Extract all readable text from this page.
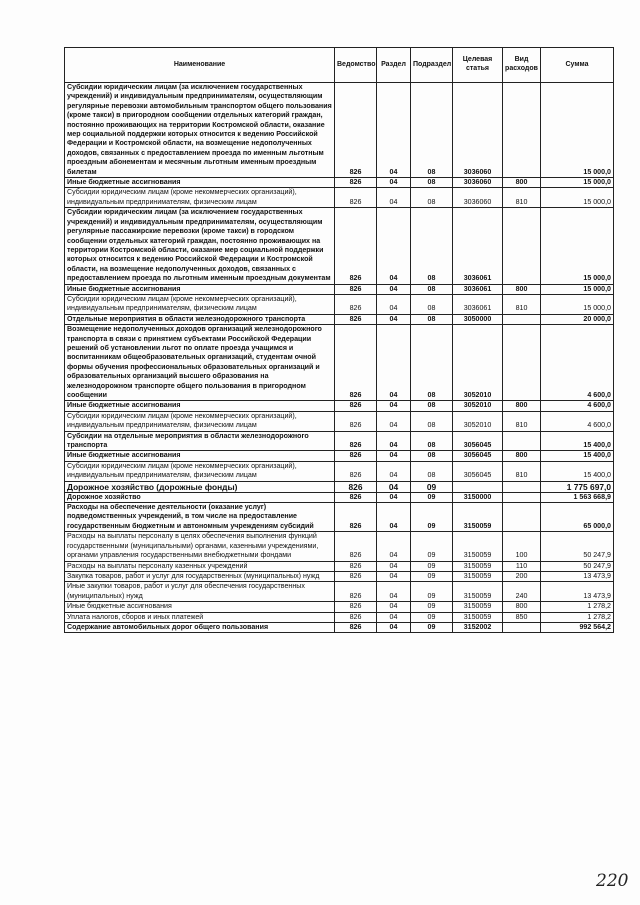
Наименование	Ведомство	Раздел	Подраздел	Целевая статья	Вид расходов	Сумма
Субсидии юридическим лицам (за исключением государственных учреждений) и индивидуальным предпринимателям, осуществляющим регулярные перевозки автомобильным транспортом общего пользования (кроме такси) в пригородном сообщении отдельных категорий граждан, постоянно проживающих на территории Костромской области, оказание мер социальной поддержки которых относится к ведению Российской Федерации и Костромской области, на возмещение недополученных доходов, связанных с предоставлением проезда по именным льготным проездным абонементам и месячным льготным именным проездным билетам	826	04	08	3036060		15 000,0
Иные бюджетные ассигнования	826	04	08	3036060	800	15 000,0
Субсидии юридическим лицам (кроме некоммерческих организаций), индивидуальным предпринимателям, физическим лицам	826	04	08	3036060	810	15 000,0
Субсидии юридическим лицам (за исключением государственных учреждений) и индивидуальным предпринимателям, осуществляющим регулярные пассажирские перевозки (кроме такси) в городском сообщении отдельных категорий граждан, постоянно проживающих на территории Костромской области, оказание мер социальной поддержки которых относится к ведению Российской Федерации и Костромской области, на возмещение недополученных доходов, связанных с предоставлением проезда по льготным именным проездным документам	826	04	08	3036061		15 000,0
Иные бюджетные ассигнования	826	04	08	3036061	800	15 000,0
Субсидии юридическим лицам (кроме некоммерческих организаций), индивидуальным предпринимателям, физическим лицам	826	04	08	3036061	810	15 000,0
Отдельные мероприятия в области железнодорожного транспорта	826	04	08	3050000		20 000,0
Возмещение недополученных доходов организаций железнодорожного транспорта в связи с принятием субъектами Российской Федерации решений об установлении льгот по оплате проезда учащимся и воспитанникам общеобразовательных организаций, студентам очной формы обучения профессиональных образовательных организаций и образовательных организаций высшего образования на железнодорожном транспорте общего пользования в пригородном сообщении	826	04	08	3052010		4 600,0
Иные бюджетные ассигнования	826	04	08	3052010	800	4 600,0
Субсидии юридическим лицам (кроме некоммерческих организаций), индивидуальным предпринимателям, физическим лицам	826	04	08	3052010	810	4 600,0
Субсидии на отдельные мероприятия в области железнодорожного транспорта	826	04	08	3056045		15 400,0
Иные бюджетные ассигнования	826	04	08	3056045	800	15 400,0
Субсидии юридическим лицам (кроме некоммерческих организаций), индивидуальным предпринимателям, физическим лицам	826	04	08	3056045	810	15 400,0
Дорожное хозяйство (дорожные фонды)	826	04	09			1 775 697,0
Дорожное хозяйство	826	04	09	3150000		1 563 668,9
Расходы на обеспечение деятельности (оказание услуг) подведомственных учреждений, в том числе на предоставление государственным бюджетным и автономным учреждениям субсидий	826	04	09	3150059		65 000,0
Расходы на выплаты персоналу в целях обеспечения выполнения функций государственными (муниципальными) органами, казенными учреждениями, органами управления государственными внебюджетными фондами	826	04	09	3150059	100	50 247,9
Расходы на выплаты персоналу казенных учреждений	826	04	09	3150059	110	50 247,9
Закупка товаров, работ и услуг для государственных (муниципальных) нужд	826	04	09	3150059	200	13 473,9
Иные закупки товаров, работ и услуг для обеспечения государственных (муниципальных) нужд	826	04	09	3150059	240	13 473,9
Иные бюджетные ассигнования	826	04	09	3150059	800	1 278,2
Уплата налогов, сборов и иных платежей	826	04	09	3150059	850	1 278,2
Содержание автомобильных дорог общего пользования	826	04	09	3152002		992 564,2
220
